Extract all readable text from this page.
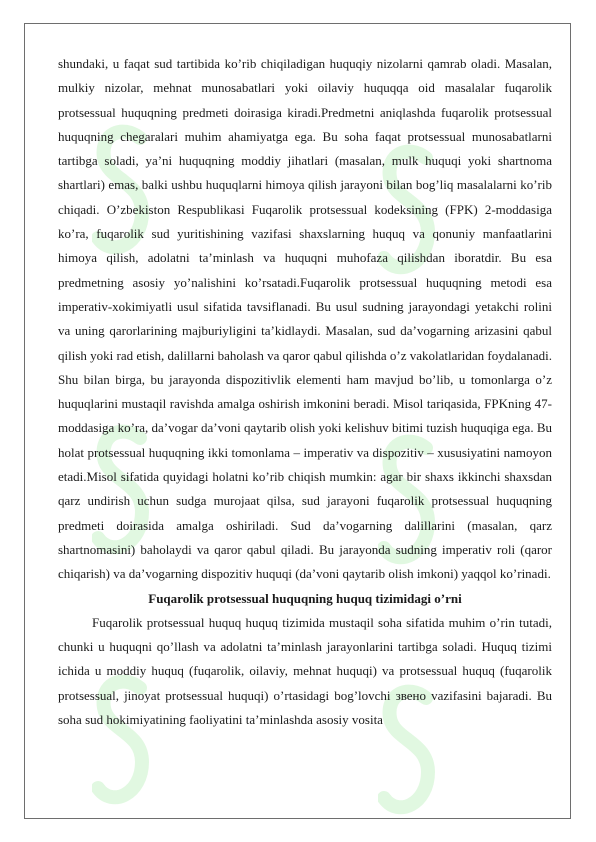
shundaki, u faqat sud tartibida ko’rib chiqiladigan huquqiy nizolarni qamrab oladi. Masalan, mulkiy nizolar, mehnat munosabatlari yoki oilaviy huquqqa oid masalalar fuqarolik protsessual huquqning predmeti doirasiga kiradi.Predmetni aniqlashda fuqarolik protsessual huquqning chegaralari muhim ahamiyatga ega. Bu soha faqat protsessual munosabatlarni tartibga soladi, ya’ni huquqning moddiy jihatlari (masalan, mulk huquqi yoki shartnoma shartlari) emas, balki ushbu huquqlarni himoya qilish jarayoni bilan bog’liq masalalarni ko’rib chiqadi. O’zbekiston Respublikasi Fuqarolik protsessual kodeksining (FPK) 2-moddasiga ko’ra, fuqarolik sud yuritishining vazifasi shaxslarning huquq va qonuniy manfaatlarini himoya qilish, adolatni ta’minlash va huquqni muhofaza qilishdan iboratdir. Bu esa predmetning asosiy yo’nalishini ko’rsatadi.Fuqarolik protsessual huquqning metodi esa imperativ-xokimiyatli usul sifatida tavsiflanadi. Bu usul sudning jarayondagi yetakchi rolini va uning qarorlarining majburiyligini ta’kidlaydi. Masalan, sud da’vogarning arizasini qabul qilish yoki rad etish, dalillarni baholash va qaror qabul qilishda o’z vakolatlaridan foydalanadi. Shu bilan birga, bu jarayonda dispozitivlik elementi ham mavjud bo’lib, u tomonlarga o’z huquqlarini mustaqil ravishda amalga oshirish imkonini beradi. Misol tariqasida, FPKning 47-moddasiga ko’ra, da’vogar da’voni qaytarib olish yoki kelishuv bitimi tuzish huquqiga ega. Bu holat protsessual huquqning ikki tomonlama – imperativ va dispozitiv – xususiyatini namoyon etadi.Misol sifatida quyidagi holatni ko’rib chiqish mumkin: agar bir shaxs ikkinchi shaxsdan qarz undirish uchun sudga murojaat qilsa, sud jarayoni fuqarolik protsessual huquqning predmeti doirasida amalga oshiriladi. Sud da’vogarning dalillarini (masalan, qarz shartnomasini) baholaydi va qaror qabul qiladi. Bu jarayonda sudning imperativ roli (qaror chiqarish) va da’vogarning dispozitiv huquqi (da’voni qaytarib olish imkoni) yaqqol ko’rinadi.

Fuqarolik protsessual huquqning huquq tizimidagi o’rni

Fuqarolik protsessual huquq huquq tizimida mustaqil soha sifatida muhim o’rin tutadi, chunki u huquqni qo’llash va adolatni ta’minlash jarayonlarini tartibga soladi. Huquq tizimi ichida u moddiy huquq (fuqarolik, oilaviy, mehnat huquqi) va protsessual huquq (fuqarolik protsessual, jinoyat protsessual huquqi) o’rtasidagi bog’lovchi звено vazifasini bajaradi. Bu soha sud hokimiyatining faoliyatini ta’minlashda asosiy vosita
